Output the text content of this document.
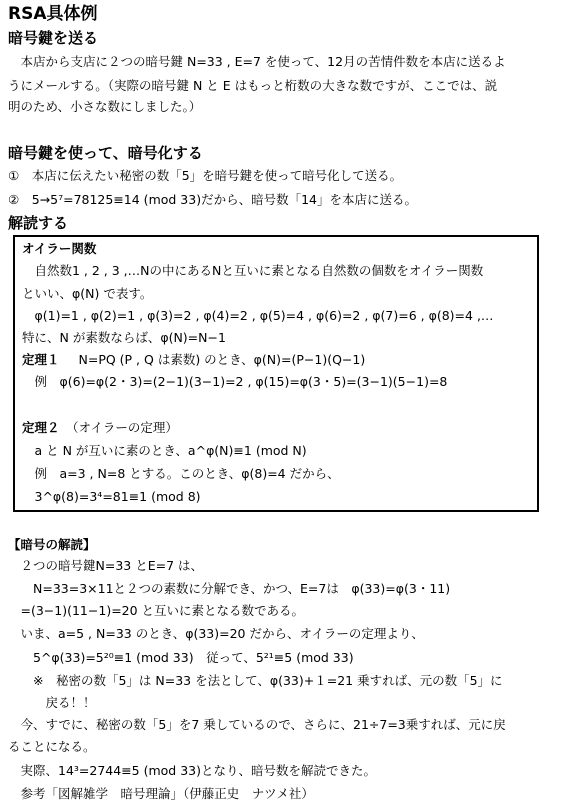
RSA具体例
暗号鍵を送る
　本店から支店に２つの暗号鍵 N=33 , E=7 を使って、12月の苦情件数を本店に送るよ
うにメールする。（実際の暗号鍵 N と E はもっと桁数の大きな数ですが、ここでは、説
明のため、小さな数にしました。）
暗号鍵を使って、暗号化する
①　本店に伝えたい秘密の数「5」を暗号鍵を使って暗号化して送る。
②　5→5⁷=78125≡14 (mod 33)だから、暗号数「14」を本店に送る。
解読する
オイラー関数
　自然数1 , 2 , 3 ,…Nの中にあるNと互いに素となる自然数の個数をオイラー関数
といい、φ(N) で表す。
　φ(1)=1 , φ(2)=1 , φ(3)=2 , φ(4)=2 , φ(5)=4 , φ(6)=2 , φ(7)=6 , φ(8)=4 ,…
特に、N が素数ならば、φ(N)=N−1
定理１ 　N=PQ (P , Q は素数) のとき、φ(N)=(P−1)(Q−1)
　例　φ(6)=φ(2・3)=(2−1)(3−1)=2 , φ(15)=φ(3・5)=(3−1)(5−1)=8
定理２ （オイラーの定理）
　a と N が互いに素のとき、a^φ(N)≡1 (mod N)
　例　a=3 , N=8 とする。このとき、φ(8)=4 だから、
　3^φ(8)=3⁴=81≡1 (mod 8)
【暗号の解読】
　２つの暗号鍵N=33 とE=7 は、
　　N=33=3×11と２つの素数に分解でき、かつ、E=7は　φ(33)=φ(3・11)
　=(3−1)(11−1)=20 と互いに素となる数である。
　いま、a=5 , N=33 のとき、φ(33)=20 だから、オイラーの定理より、
　　5^φ(33)=5²⁰≡1 (mod 33)　従って、5²¹≡5 (mod 33)
　　※　秘密の数「5」は N=33 を法として、φ(33)+１=21 乗すれば、元の数「5」に
　　　戻る！！
　今、すでに、秘密の数「5」を7 乗しているので、さらに、21÷7=3乗すれば、元に戻
ることになる。
　実際、14³=2744≡5 (mod 33)となり、暗号数を解読できた。
　参考「図解雑学　暗号理論」（伊藤正史　ナツメ社）
